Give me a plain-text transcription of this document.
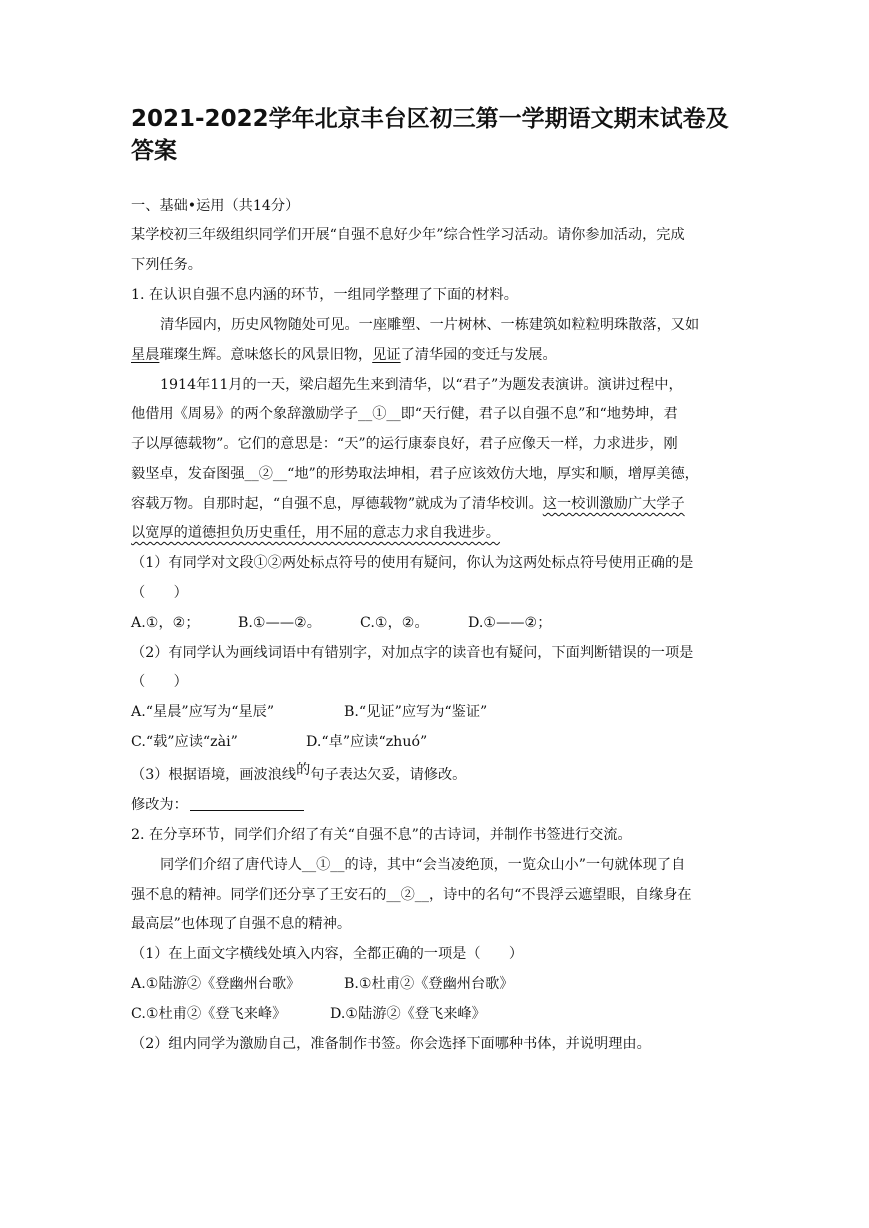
2021-2022学年北京丰台区初三第一学期语文期末试卷及答案
一、基础•运用（共14分）
某学校初三年级组织同学们开展“自强不息好少年”综合性学习活动。请你参加活动，完成
下列任务。
1. 在认识自强不息内涵的环节，一组同学整理了下面的材料。
清华园内，历史风物随处可见。一座雕塑、一片树林、一栋建筑如粒粒明珠散落，又如
星晨璀璨生辉。意味悠长的风景旧物，见证了清华园的变迁与发展。
1914年11月的一天，梁启超先生来到清华，以“君子”为题发表演讲。演讲过程中，
他借用《周易》的两个象辞激励学子__①__即“天行健，君子以自强不息”和“地势坤，君
子以厚德载物”。它们的意思是：“天”的运行康泰良好，君子应像天一样，力求进步，刚
毅坚卓，发奋图强__②__“地”的形势取法坤相，君子应该效仿大地，厚实和顺，增厚美德，
容载万物。自那时起，“自强不息，厚德载物”就成为了清华校训。这一校训激励广大学子
以宽厚的道德担负历史重任，用不屈的意志力求自我进步。
（1）有同学对文段①②两处标点符号的使用有疑问，你认为这两处标点符号使用正确的是
（　　）
A.①，②；	B.①——②。	C.①，②。	D.①——②；
（2）有同学认为画线词语中有错别字，对加点字的读音也有疑问，下面判断错误的一项是
（　　）
A.“星晨”应写为“星辰”	B.“见证”应写为“鉴证”
C.“载”应读“zài”	D.“卓”应读“zhuó”
（3）根据语境，画波浪线的句子表达欠妥，请修改。
修改为：
2. 在分享环节，同学们介绍了有关“自强不息”的古诗词，并制作书签进行交流。
同学们介绍了唐代诗人__①__的诗，其中“会当凌绝顶，一览众山小”一句就体现了自
强不息的精神。同学们还分享了王安石的__②__，诗中的名句“不畏浮云遮望眼，自缘身在
最高层”也体现了自强不息的精神。
（1）在上面文字横线处填入内容，全都正确的一项是（　　）
A.①陆游②《登幽州台歌》	B.①杜甫②《登幽州台歌》
C.①杜甫②《登飞来峰》	D.①陆游②《登飞来峰》
（2）组内同学为激励自己，准备制作书签。你会选择下面哪种书体，并说明理由。
